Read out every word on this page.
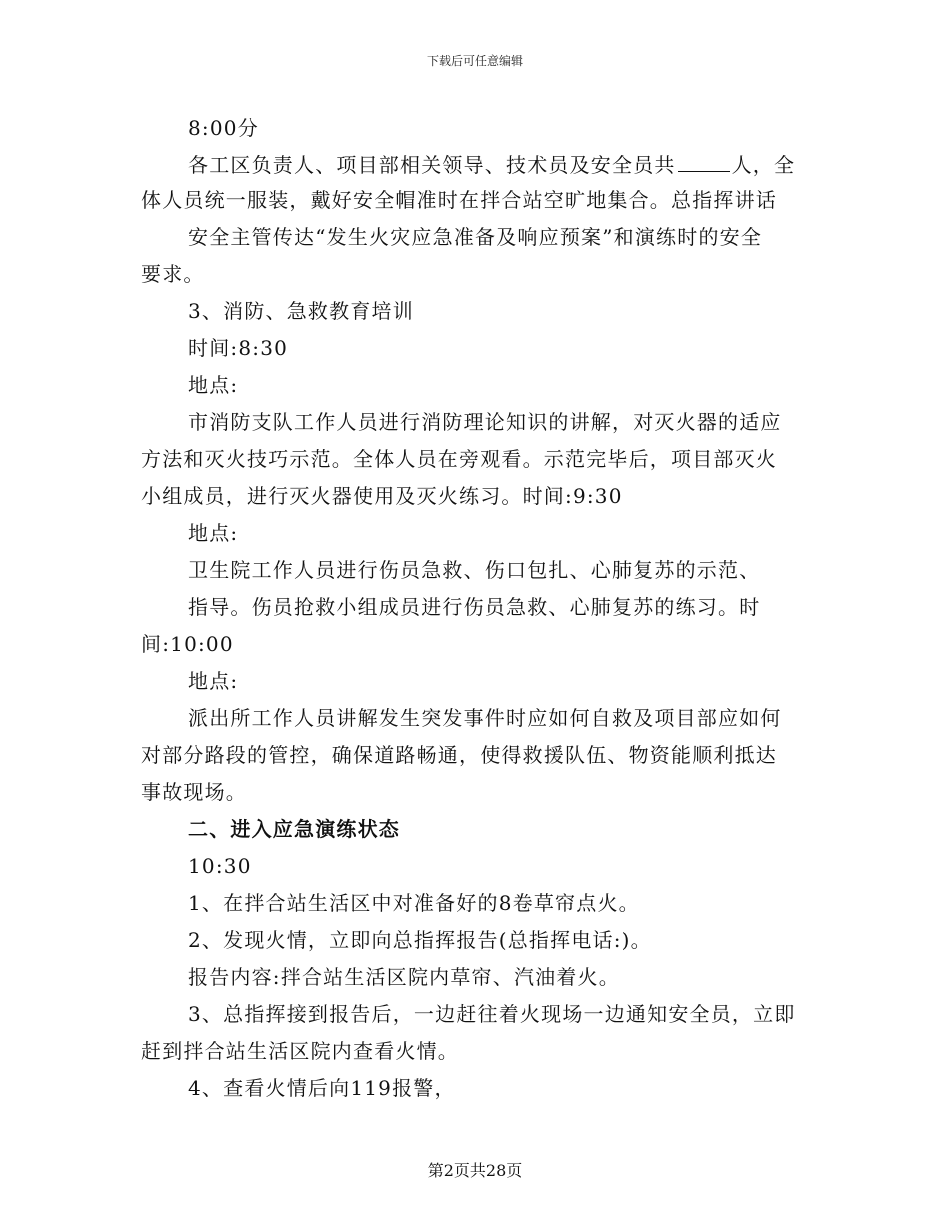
下载后可任意编辑
8:00分
各工区负责人、项目部相关领导、技术员及安全员共	人，全
体人员统一服装，戴好安全帽准时在拌合站空旷地集合。总指挥讲话
安全主管传达“发生火灾应急准备及响应预案”和演练时的安全
要求。
3、消防、急救教育培训
时间:8:30
地点:
市消防支队工作人员进行消防理论知识的讲解，对灭火器的适应
方法和灭火技巧示范。全体人员在旁观看。示范完毕后，项目部灭火
小组成员，进行灭火器使用及灭火练习。时间:9:30
地点:
卫生院工作人员进行伤员急救、伤口包扎、心肺复苏的示范、
指导。伤员抢救小组成员进行伤员急救、心肺复苏的练习。时
间:10:00
地点:
派出所工作人员讲解发生突发事件时应如何自救及项目部应如何
对部分路段的管控，确保道路畅通，使得救援队伍、物资能顺利抵达
事故现场。
二、进入应急演练状态
10:30
1、在拌合站生活区中对准备好的8卷草帘点火。
2、发现火情，立即向总指挥报告(总指挥电话:)。
报告内容:拌合站生活区院内草帘、汽油着火。
3、总指挥接到报告后，一边赶往着火现场一边通知安全员，立即
赶到拌合站生活区院内查看火情。
4、查看火情后向119报警，
第2页共28页
